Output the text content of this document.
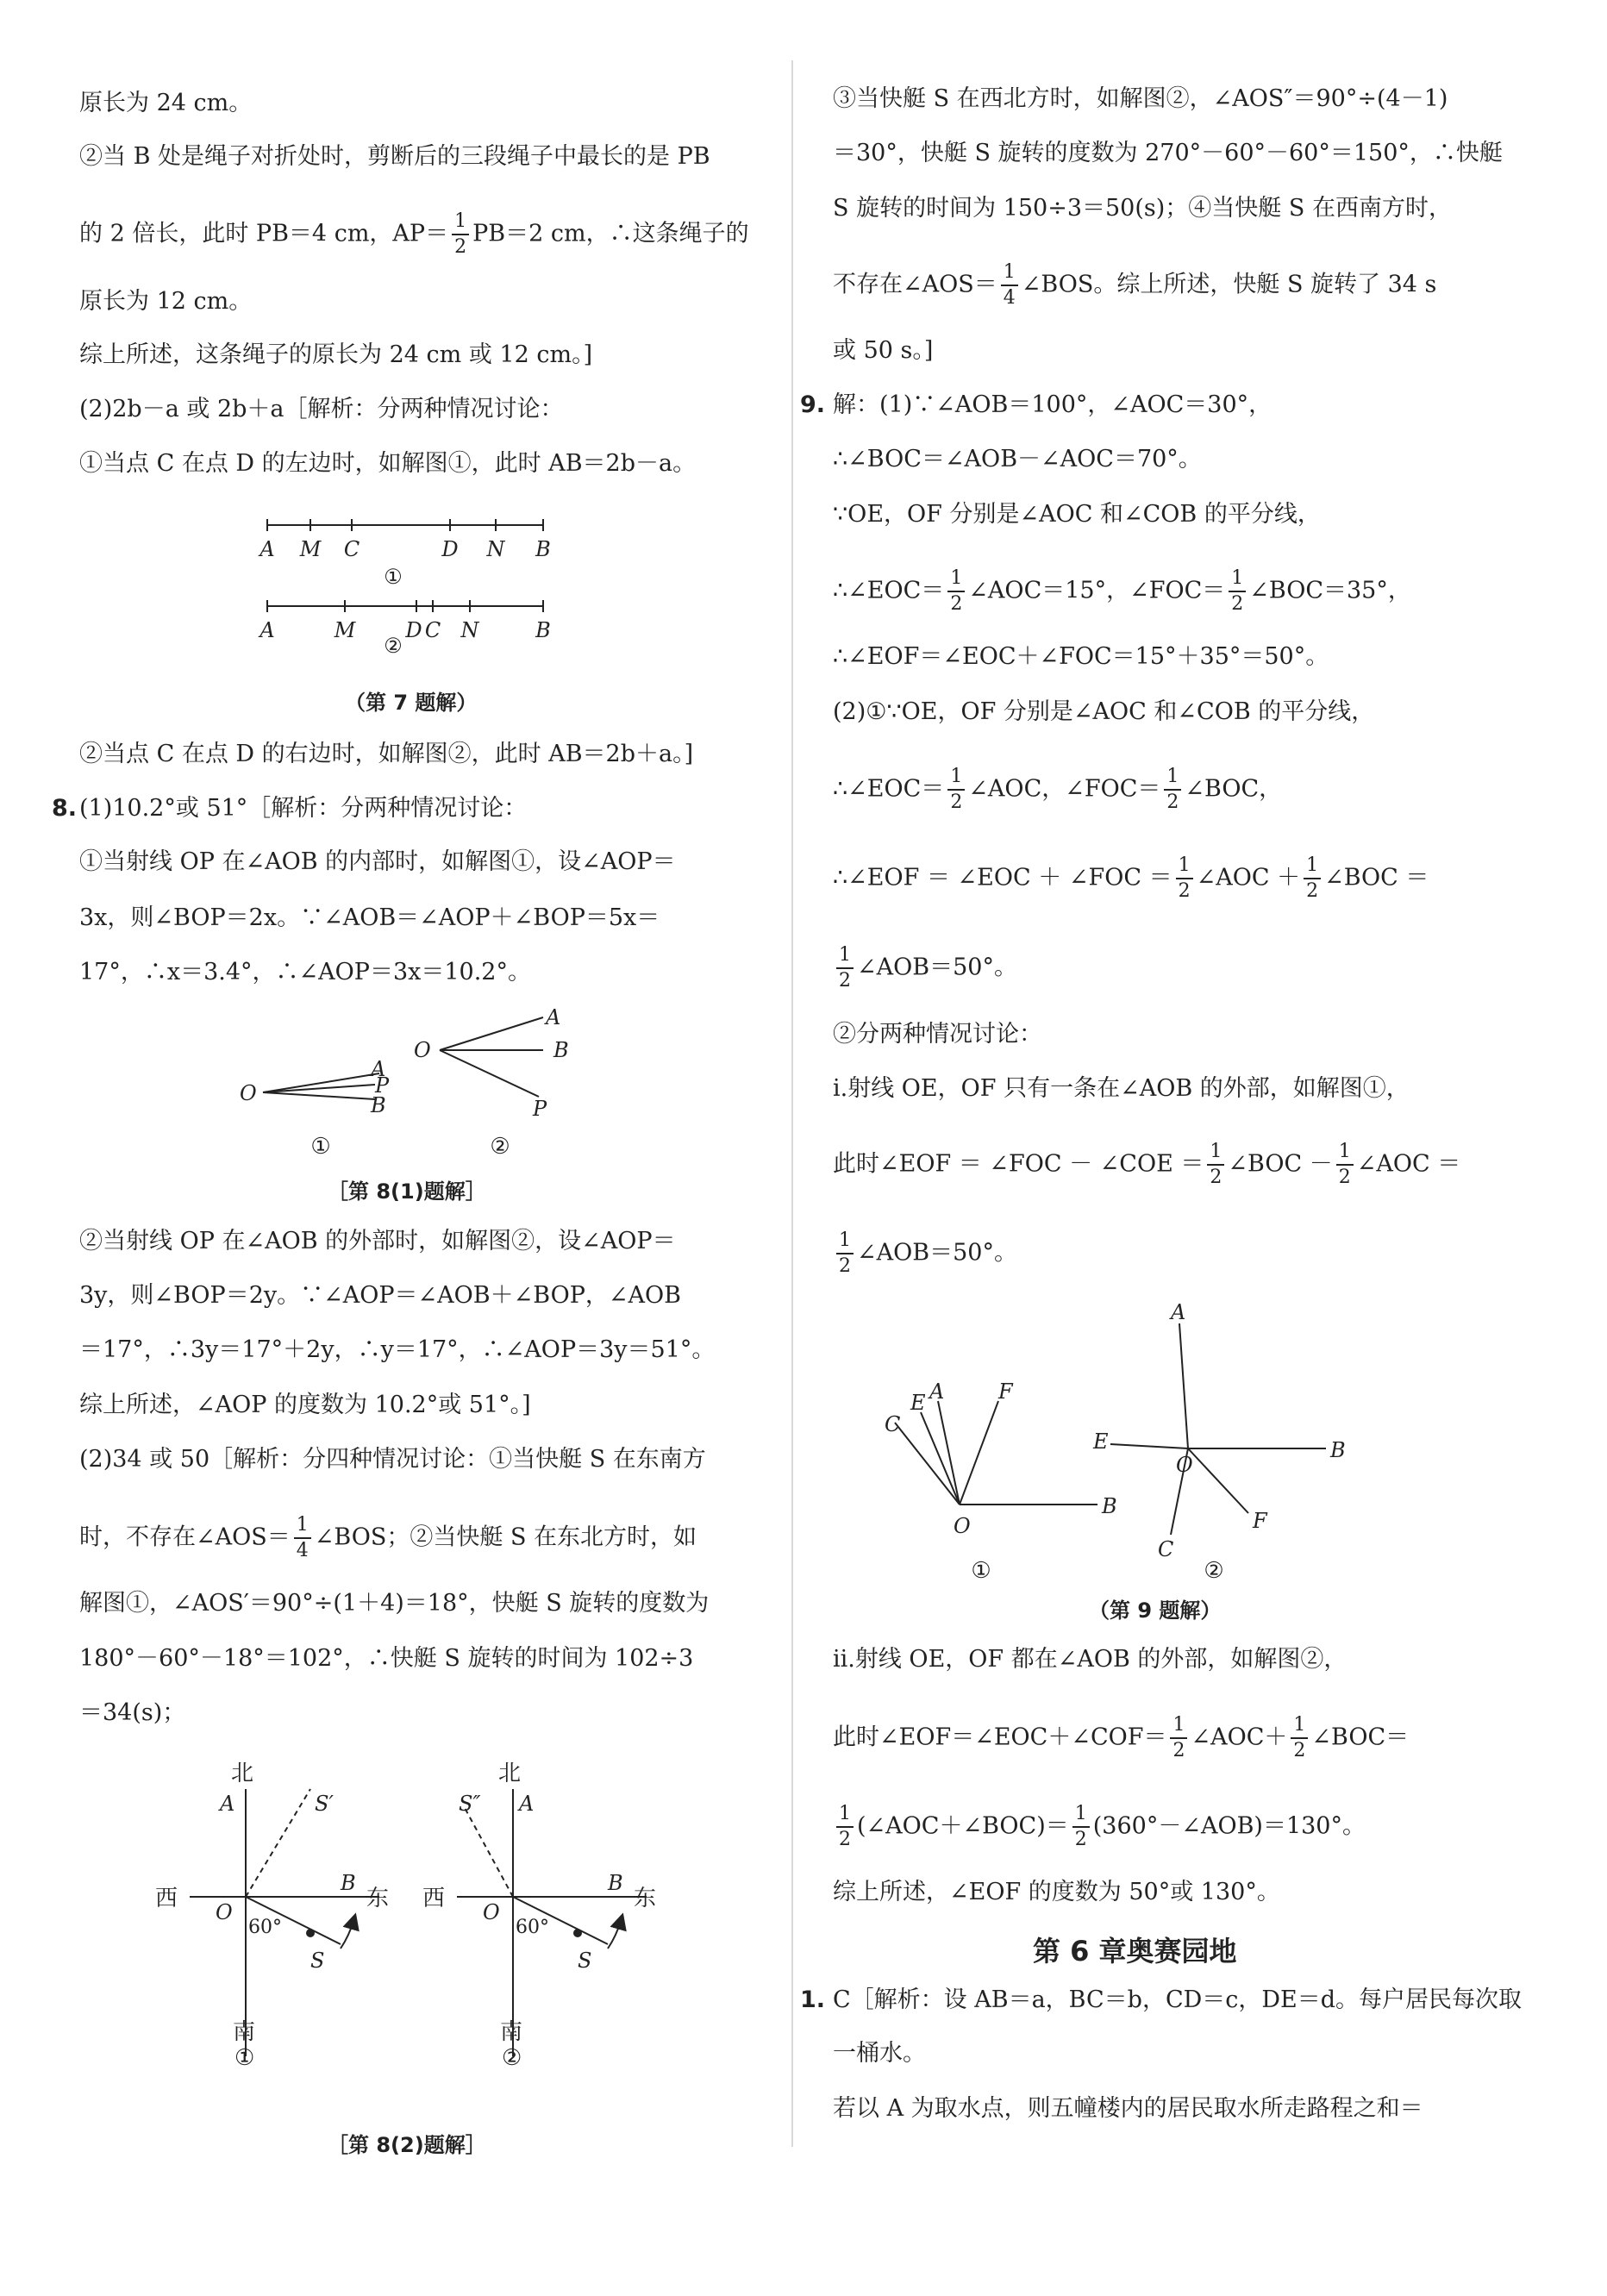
原长为 24 cm。
②当 B 处是绳子对折处时，剪断后的三段绳子中最长的是 PB
的 2 倍长，此时 PB＝4 cm，$AP= \frac{1}{2} PB=2$ cm，∴这条绳子的
原长为 12 cm。
综上所述，这条绳子的原长为 24 cm 或 12 cm。]
(2)2b－a 或 2b＋a［解析：分两种情况讨论：
①当点 C 在点 D 的左边时，如解图①，此时 AB＝2b－a。
A M C	D N B
A	M D C N	B
①
②
（第 7 题解）
②当点 C 在点 D 的右边时，如解图②，此时 AB＝2b＋a。]
8. (1)10.2°或 51°［解析：分两种情况讨论：
①当射线 OP 在∠AOB 的内部时，如解图①，设∠AOP＝
3x，则∠BOP＝2x。∵∠AOB＝∠AOP＋∠BOP＝5x＝
17°，∴x＝3.4°，∴∠AOP＝3x＝10.2°。
O
A
P
B
O
A
B
P
①	②
［第 8(1)题解］
②当射线 OP 在∠AOB 的外部时，如解图②，设∠AOP＝
3y，则∠BOP＝2y。∵∠AOP＝∠AOB＋∠BOP，∠AOB
＝17°，∴3y＝17°＋2y，∴y＝17°，∴∠AOP＝3y＝51°。
综上所述，∠AOP 的度数为 10.2°或 51°。]
(2)34 或 50［解析：分四种情况讨论：①当快艇 S 在东南方
时，不存在∠AOS＝ $\frac{1}{4}$ ∠BOS；②当快艇 S 在东北方时，如
解图①，∠AOS′＝90°÷(1＋4)＝18°，快艇 S 旋转的度数为
180°－60°－18°＝102°，∴快艇 S 旋转的时间为 102÷3
＝34(s)；
北	北
西	西
东	东
南	南
①	②
A	A
S′	S″
B	B
O	O
S	S
60°	60°
［第 8(2)题解］
③当快艇 S 在西北方时，如解图②，∠AOS″＝90°÷(4－1)
＝30°，快艇 S 旋转的度数为 270°－60°－60°＝150°，∴快艇
S 旋转的时间为 150÷3＝50(s)；④当快艇 S 在西南方时，
不存在∠AOS＝ $\frac{1}{4}$ ∠BOS。综上所述，快艇 S 旋转了 34 s
或 50 s。]
9. 解：(1)∵∠AOB＝100°，∠AOC＝30°，
∴∠BOC＝∠AOB－∠AOC＝70°。
∵OE，OF 分别是∠AOC 和∠COB 的平分线，
∴∠EOC＝ $\frac{1}{2}$ ∠AOC＝15°，∠FOC＝ $\frac{1}{2}$ ∠BOC＝35°，
∴∠EOF＝∠EOC＋∠FOC＝15°＋35°＝50°。
(2)①∵OE，OF 分别是∠AOC 和∠COB 的平分线，
∴∠EOC＝ $\frac{1}{2}$ ∠AOC，∠FOC＝ $\frac{1}{2}$ ∠BOC，
∴∠EOF ＝ ∠EOC ＋ ∠FOC ＝ $\frac{1}{2}$ ∠AOC ＋ $\frac{1}{2}$ ∠BOC ＝
$\frac{1}{2}$ ∠AOB＝50°。
②分两种情况讨论：
ⅰ.射线 OE，OF 只有一条在∠AOB 的外部，如解图①，
此时∠EOF ＝ ∠FOC － ∠COE ＝ $\frac{1}{2}$ ∠BOC － $\frac{1}{2}$ ∠AOC ＝
$\frac{1}{2}$ ∠AOB＝50°。
A
E
C
F
O
B
A
E	B
O
C
F
①	②
（第 9 题解）
ⅱ.射线 OE，OF 都在∠AOB 的外部，如解图②，
此时∠EOF＝∠EOC＋∠COF＝ $\frac{1}{2}$ ∠AOC＋ $\frac{1}{2}$ ∠BOC＝
$\frac{1}{2}$ (∠AOC＋∠BOC)＝ $\frac{1}{2}$ (360°－∠AOB)＝130°。
综上所述，∠EOF 的度数为 50°或 130°。
第 6 章奥赛园地
1. C［解析：设 AB＝a，BC＝b，CD＝c，DE＝d。每户居民每次取
一桶水。
若以 A 为取水点，则五幢楼内的居民取水所走路程之和＝
